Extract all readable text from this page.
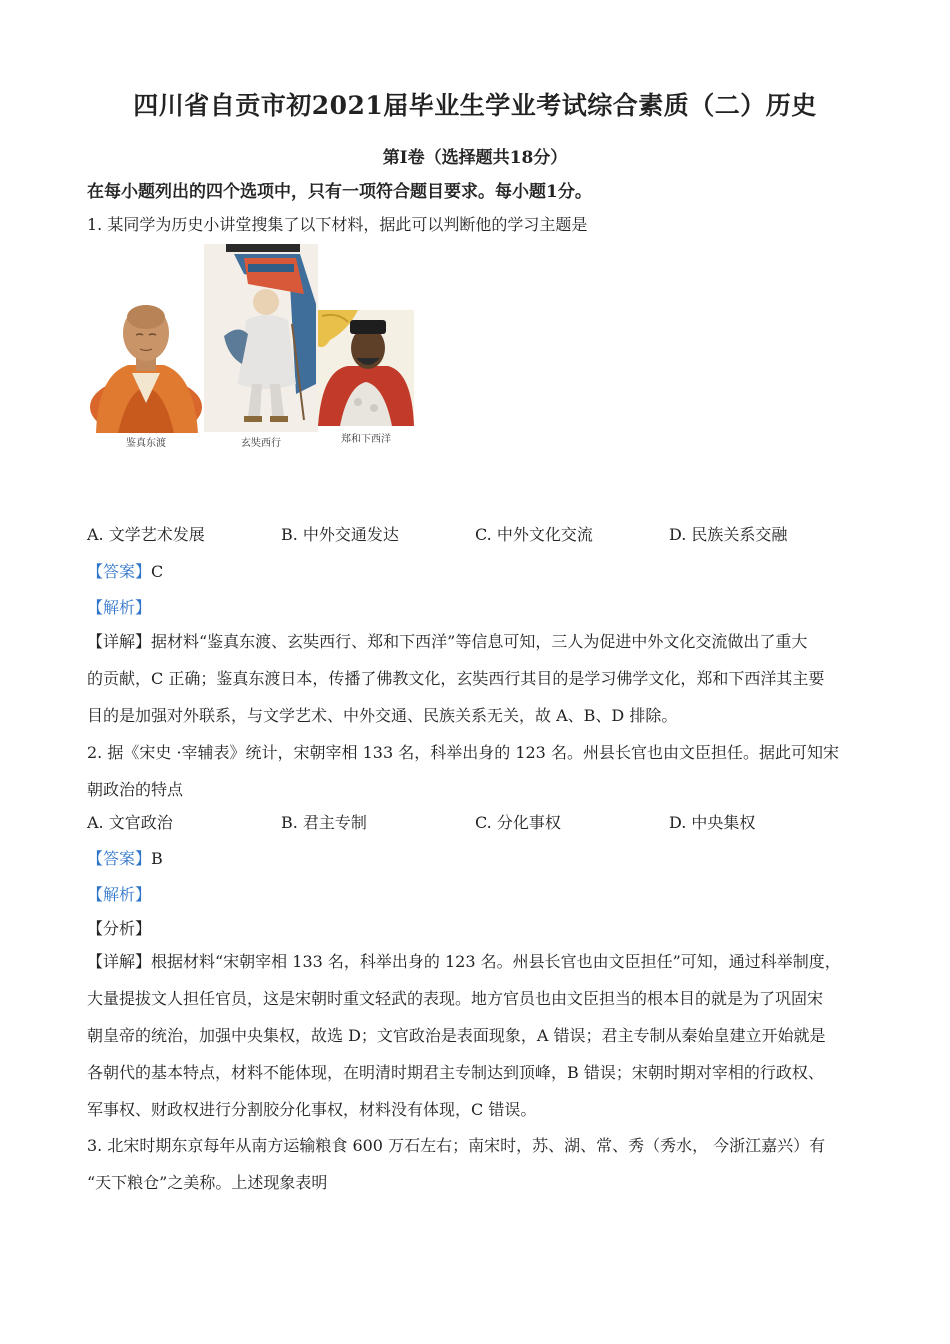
四川省自贡市初2021届毕业生学业考试综合素质（二）历史
第Ⅰ卷（选择题共18分）
在每小题列出的四个选项中，只有一项符合题目要求。每小题1分。
1. 某同学为历史小讲堂搜集了以下材料，据此可以判断他的学习主题是
鉴真东渡	玄奘西行	郑和下西洋
A. 文学艺术发展	B. 中外交通发达	C. 中外文化交流	D. 民族关系交融
【答案】C
【解析】
【详解】据材料“鉴真东渡、玄奘西行、郑和下西洋”等信息可知，三人为促进中外文化交流做出了重大
的贡献，C 正确；鉴真东渡日本，传播了佛教文化，玄奘西行其目的是学习佛学文化，郑和下西洋其主要
目的是加强对外联系，与文学艺术、中外交通、民族关系无关，故 A、B、D 排除。
2. 据《宋史 ·宰辅表》统计，宋朝宰相 133 名，科举出身的 123 名。州县长官也由文臣担任。据此可知宋
朝政治的特点
A. 文官政治	B. 君主专制	C. 分化事权	D. 中央集权
【答案】B
【解析】
【分析】
【详解】根据材料“宋朝宰相 133 名，科举出身的 123 名。州县长官也由文臣担任”可知，通过科举制度，
大量提拔文人担任官员，这是宋朝时重文轻武的表现。地方官员也由文臣担当的根本目的就是为了巩固宋
朝皇帝的统治，加强中央集权，故选 D；文官政治是表面现象，A 错误；君主专制从秦始皇建立开始就是
各朝代的基本特点，材料不能体现，在明清时期君主专制达到顶峰，B 错误；宋朝时期对宰相的行政权、
军事权、财政权进行分割胶分化事权，材料没有体现，C 错误。
3. 北宋时期东京每年从南方运输粮食 600 万石左右；南宋时，苏、湖、常、秀（秀水， 今浙江嘉兴）有
“天下粮仓”之美称。上述现象表明
